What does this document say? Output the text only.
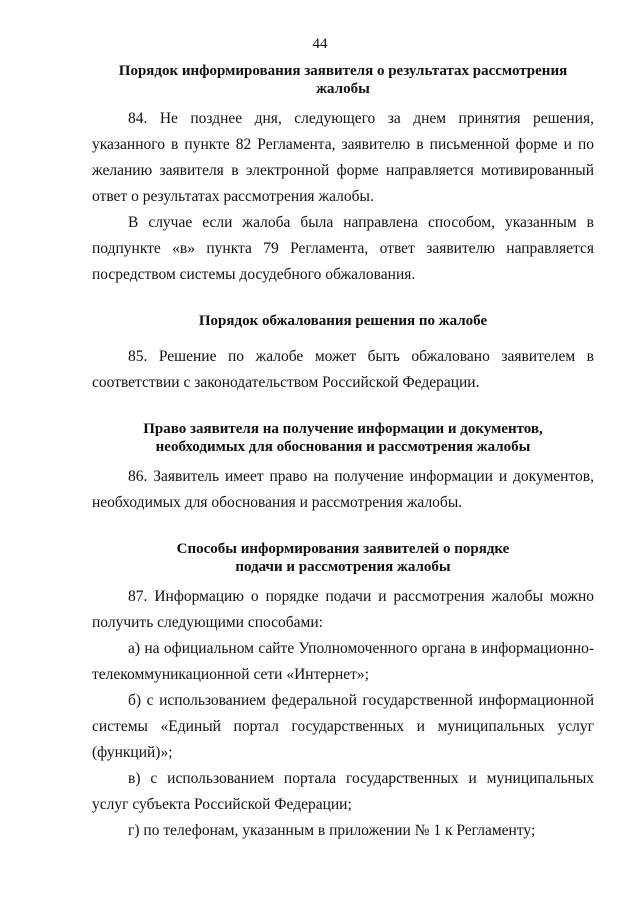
44
Порядок информирования заявителя о результатах рассмотрения жалобы

84. Не позднее дня, следующего за днем принятия решения, указанного в пункте 82 Регламента, заявителю в письменной форме и по желанию заявителя в электронной форме направляется мотивированный ответ о результатах рассмотрения жалобы.

В случае если жалоба была направлена способом, указанным в подпункте «в» пункта 79 Регламента, ответ заявителю направляется посредством системы досудебного обжалования.

Порядок обжалования решения по жалобе

85. Решение по жалобе может быть обжаловано заявителем в соответствии с законодательством Российской Федерации.

Право заявителя на получение информации и документов, необходимых для обоснования и рассмотрения жалобы

86. Заявитель имеет право на получение информации и документов, необходимых для обоснования и рассмотрения жалобы.

Способы информирования заявителей о порядке подачи и рассмотрения жалобы

87. Информацию о порядке подачи и рассмотрения жалобы можно получить следующими способами:

а) на официальном сайте Уполномоченного органа в информационно-телекоммуникационной сети «Интернет»;

б) с использованием федеральной государственной информационной системы «Единый портал государственных и муниципальных услуг (функций)»;

в) с использованием портала государственных и муниципальных услуг субъекта Российской Федерации;

г) по телефонам, указанным в приложении № 1 к Регламенту;
